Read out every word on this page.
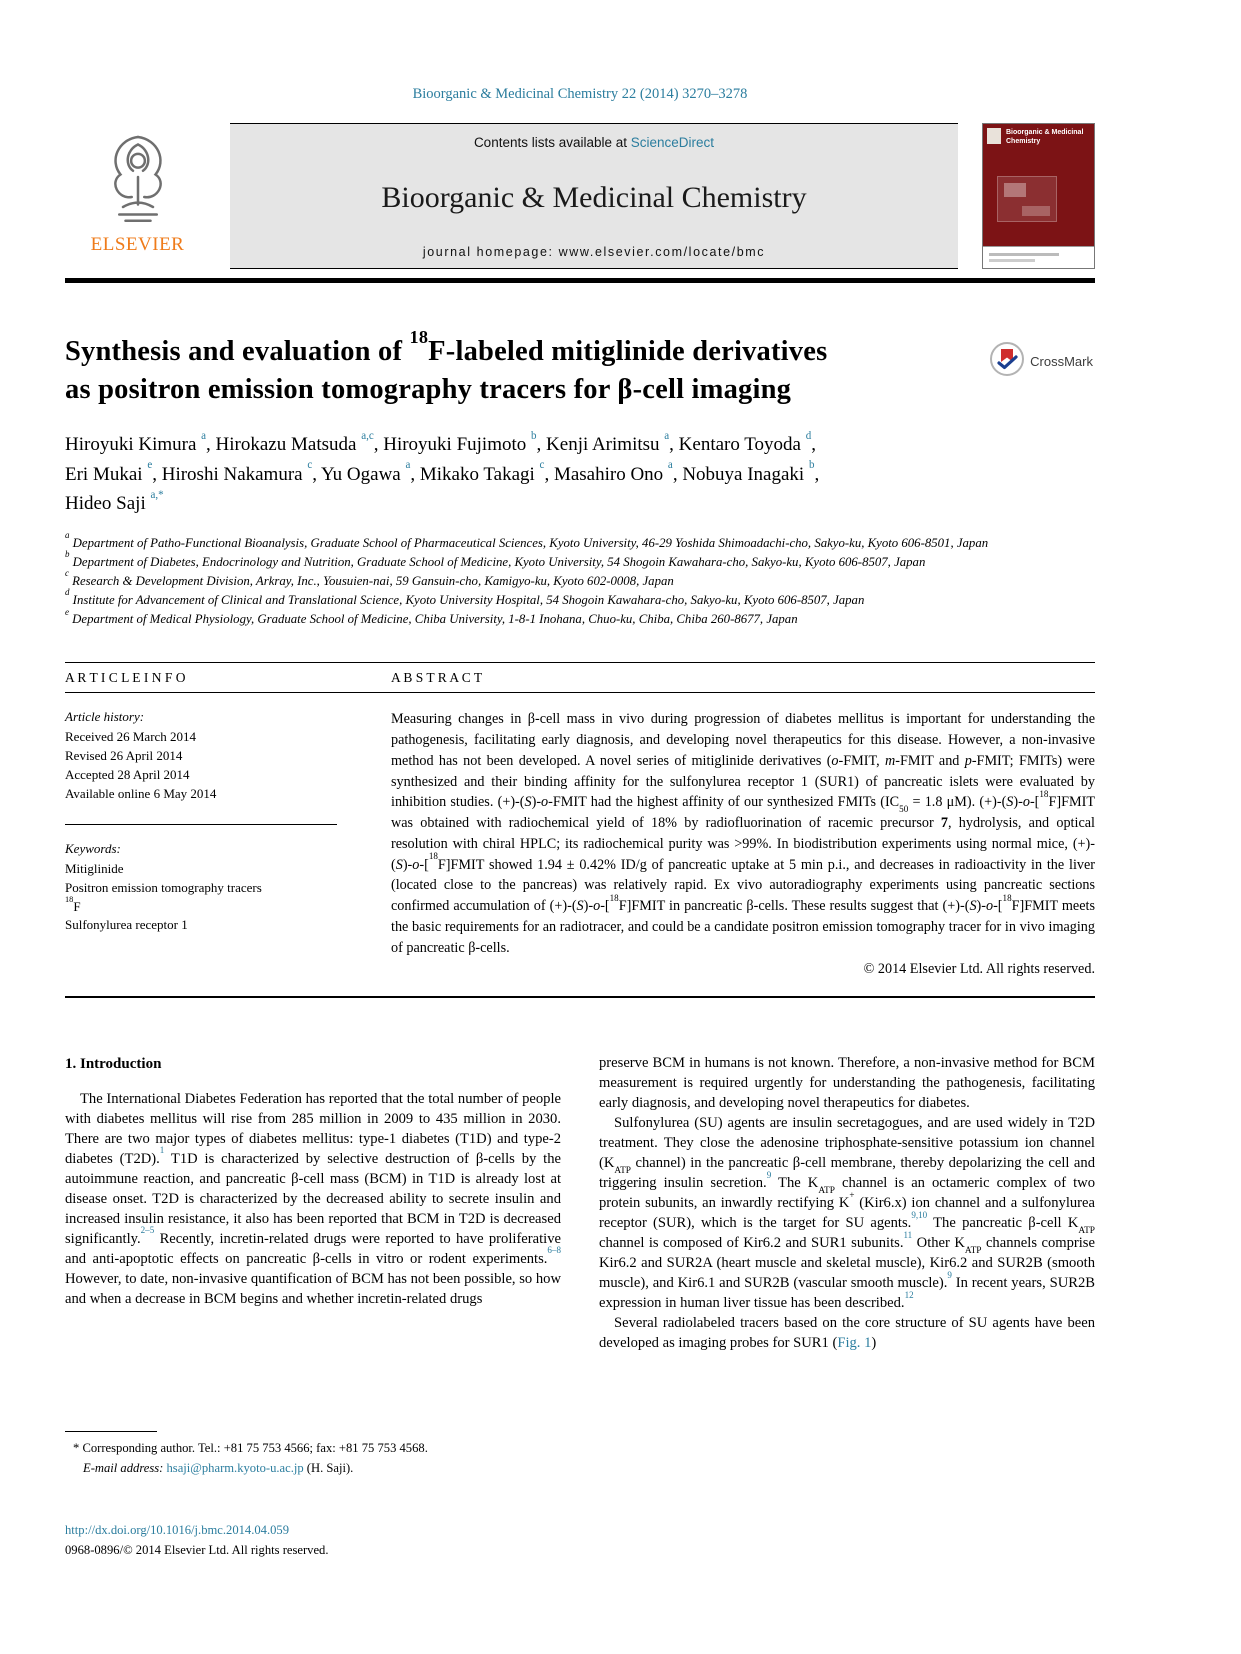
Bioorganic & Medicinal Chemistry 22 (2014) 3270–3278
ELSEVIER
Contents lists available at ScienceDirect
Bioorganic & Medicinal Chemistry
journal homepage: www.elsevier.com/locate/bmc
Bioorganic & Medicinal Chemistry
Synthesis and evaluation of $^{18}$F-labeled mitiglinide derivatives
as positron emission tomography tracers for β-cell imaging
CrossMark
Hiroyuki Kimura $^a$, Hirokazu Matsuda $^{a,c}$, Hiroyuki Fujimoto $^b$, Kenji Arimitsu $^a$, Kentaro Toyoda $^d$,
Eri Mukai $^e$, Hiroshi Nakamura $^c$, Yu Ogawa $^a$, Mikako Takagi $^c$, Masahiro Ono $^a$, Nobuya Inagaki $^b$,
Hideo Saji $^{a,*}$
$^a$ Department of Patho-Functional Bioanalysis, Graduate School of Pharmaceutical Sciences, Kyoto University, 46-29 Yoshida Shimoadachi-cho, Sakyo-ku, Kyoto 606-8501, Japan
$^b$ Department of Diabetes, Endocrinology and Nutrition, Graduate School of Medicine, Kyoto University, 54 Shogoin Kawahara-cho, Sakyo-ku, Kyoto 606-8507, Japan
$^c$ Research & Development Division, Arkray, Inc., Yousuien-nai, 59 Gansuin-cho, Kamigyo-ku, Kyoto 602-0008, Japan
$^d$ Institute for Advancement of Clinical and Translational Science, Kyoto University Hospital, 54 Shogoin Kawahara-cho, Sakyo-ku, Kyoto 606-8507, Japan
$^e$ Department of Medical Physiology, Graduate School of Medicine, Chiba University, 1-8-1 Inohana, Chuo-ku, Chiba, Chiba 260-8677, Japan
A R T I C L E I N F O	A B S T R A C T
Article history:
Received 26 March 2014
Revised 26 April 2014
Accepted 28 April 2014
Available online 6 May 2014
Keywords:
Mitiglinide
Positron emission tomography tracers
$^{18}$F
Sulfonylurea receptor 1
Measuring changes in β-cell mass in vivo during progression of diabetes mellitus is important for understanding the pathogenesis, facilitating early diagnosis, and developing novel therapeutics for this disease. However, a non-invasive method has not been developed. A novel series of mitiglinide derivatives (o-FMIT, m-FMIT and p-FMIT; FMITs) were synthesized and their binding affinity for the sulfonylurea receptor 1 (SUR1) of pancreatic islets were evaluated by inhibition studies. (+)-(S)-o-FMIT had the highest affinity of our synthesized FMITs ($IC_{50} = 1.8$ μM). (+)-(S)-o-[$^{18}$F]FMIT was obtained with radiochemical yield of 18% by radiofluorination of racemic precursor 7, hydrolysis, and optical resolution with chiral HPLC; its radiochemical purity was >99%. In biodistribution experiments using normal mice, (+)-(S)-o-[$^{18}$F]FMIT showed 1.94 ± 0.42% ID/g of pancreatic uptake at 5 min p.i., and decreases in radioactivity in the liver (located close to the pancreas) was relatively rapid. Ex vivo autoradiography experiments using pancreatic sections confirmed accumulation of (+)-(S)-o-[$^{18}$F]FMIT in pancreatic β-cells. These results suggest that (+)-(S)-o-[$^{18}$F]FMIT meets the basic requirements for an radiotracer, and could be a candidate positron emission tomography tracer for in vivo imaging of pancreatic β-cells.
© 2014 Elsevier Ltd. All rights reserved.
1. Introduction

The International Diabetes Federation has reported that the total number of people with diabetes mellitus will rise from 285 million in 2009 to 435 million in 2030. There are two major types of diabetes mellitus: type-1 diabetes (T1D) and type-2 diabetes (T2D).$^1$ T1D is characterized by selective destruction of β-cells by the autoimmune reaction, and pancreatic β-cell mass (BCM) in T1D is already lost at disease onset. T2D is characterized by the decreased ability to secrete insulin and increased insulin resistance, it also has been reported that BCM in T2D is decreased significantly.$^{2-5}$ Recently, incretin-related drugs were reported to have proliferative and anti-apoptotic effects on pancreatic β-cells in vitro or rodent experiments.$^{6-8}$ However, to date, non-invasive quantification of BCM has not been possible, so how and when a decrease in BCM begins and whether incretin-related drugs

* Corresponding author. Tel.: +81 75 753 4566; fax: +81 75 753 4568.
E-mail address: hsaji@pharm.kyoto-u.ac.jp (H. Saji).

preserve BCM in humans is not known. Therefore, a non-invasive method for BCM measurement is required urgently for understanding the pathogenesis, facilitating early diagnosis, and developing novel therapeutics for diabetes.

Sulfonylurea (SU) agents are insulin secretagogues, and are used widely in T2D treatment. They close the adenosine triphosphate-sensitive potassium ion channel ($K_{ATP}$ channel) in the pancreatic β-cell membrane, thereby depolarizing the cell and triggering insulin secretion.$^9$ The $K_{ATP}$ channel is an octameric complex of two protein subunits, an inwardly rectifying K+ (Kir6.x) ion channel and a sulfonylurea receptor (SUR), which is the target for SU agents.$^{9,10}$ The pancreatic β-cell $K_{ATP}$ channel is composed of Kir6.2 and SUR1 subunits.$^{11}$ Other $K_{ATP}$ channels comprise Kir6.2 and SUR2A (heart muscle and skeletal muscle), Kir6.2 and SUR2B (smooth muscle), and Kir6.1 and SUR2B (vascular smooth muscle).$^9$ In recent years, SUR2B expression in human liver tissue has been described.$^{12}$

Several radiolabeled tracers based on the core structure of SU agents have been developed as imaging probes for SUR1 (Fig. 1)

http://dx.doi.org/10.1016/j.bmc.2014.04.059
0968-0896/© 2014 Elsevier Ltd. All rights reserved.
